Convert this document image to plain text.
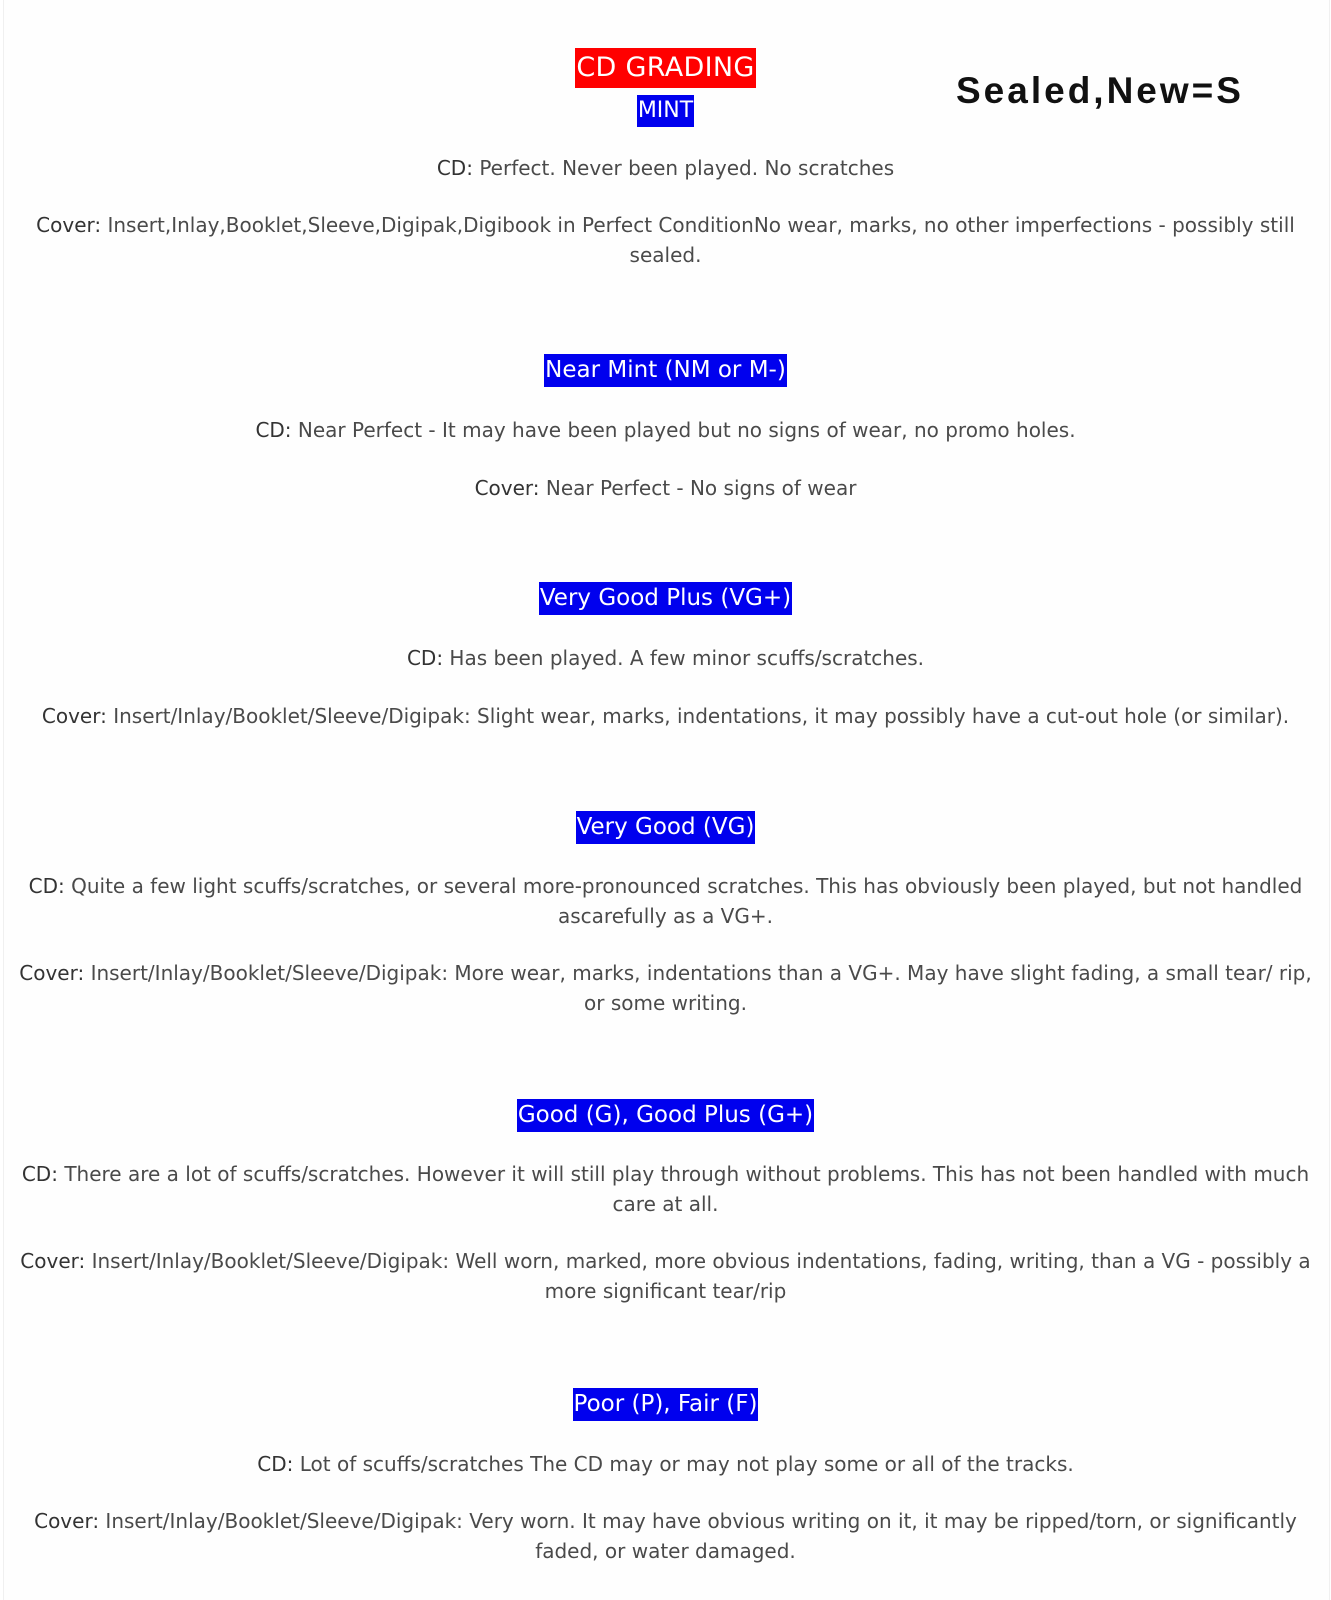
CD GRADING
Sealed,New=S
MINT
CD: Perfect. Never been played. No scratches
Cover: Insert,Inlay,Booklet,Sleeve,Digipak,Digibook in Perfect ConditionNo wear, marks, no other imperfections - possibly still sealed.
Near Mint (NM or M-)
CD: Near Perfect - It may have been played but no signs of wear, no promo holes.
Cover: Near Perfect - No signs of wear
Very Good Plus (VG+)
CD: Has been played. A few minor scuffs/scratches.
Cover: Insert/Inlay/Booklet/Sleeve/Digipak: Slight wear, marks, indentations, it may possibly have a cut-out hole (or similar).
Very Good (VG)
CD: Quite a few light scuffs/scratches, or several more-pronounced scratches. This has obviously been played, but not handled ascarefully as a VG+.
Cover: Insert/Inlay/Booklet/Sleeve/Digipak: More wear, marks, indentations than a VG+. May have slight fading, a small tear/ rip, or some writing.
Good (G), Good Plus (G+)
CD: There are a lot of scuffs/scratches. However it will still play through without problems. This has not been handled with much care at all.
Cover: Insert/Inlay/Booklet/Sleeve/Digipak: Well worn, marked, more obvious indentations, fading, writing, than a VG - possibly a more significant tear/rip
Poor (P), Fair (F)
CD: Lot of scuffs/scratches The CD may or may not play some or all of the tracks.
Cover: Insert/Inlay/Booklet/Sleeve/Digipak: Very worn. It may have obvious writing on it, it may be ripped/torn, or significantly faded, or water damaged.
